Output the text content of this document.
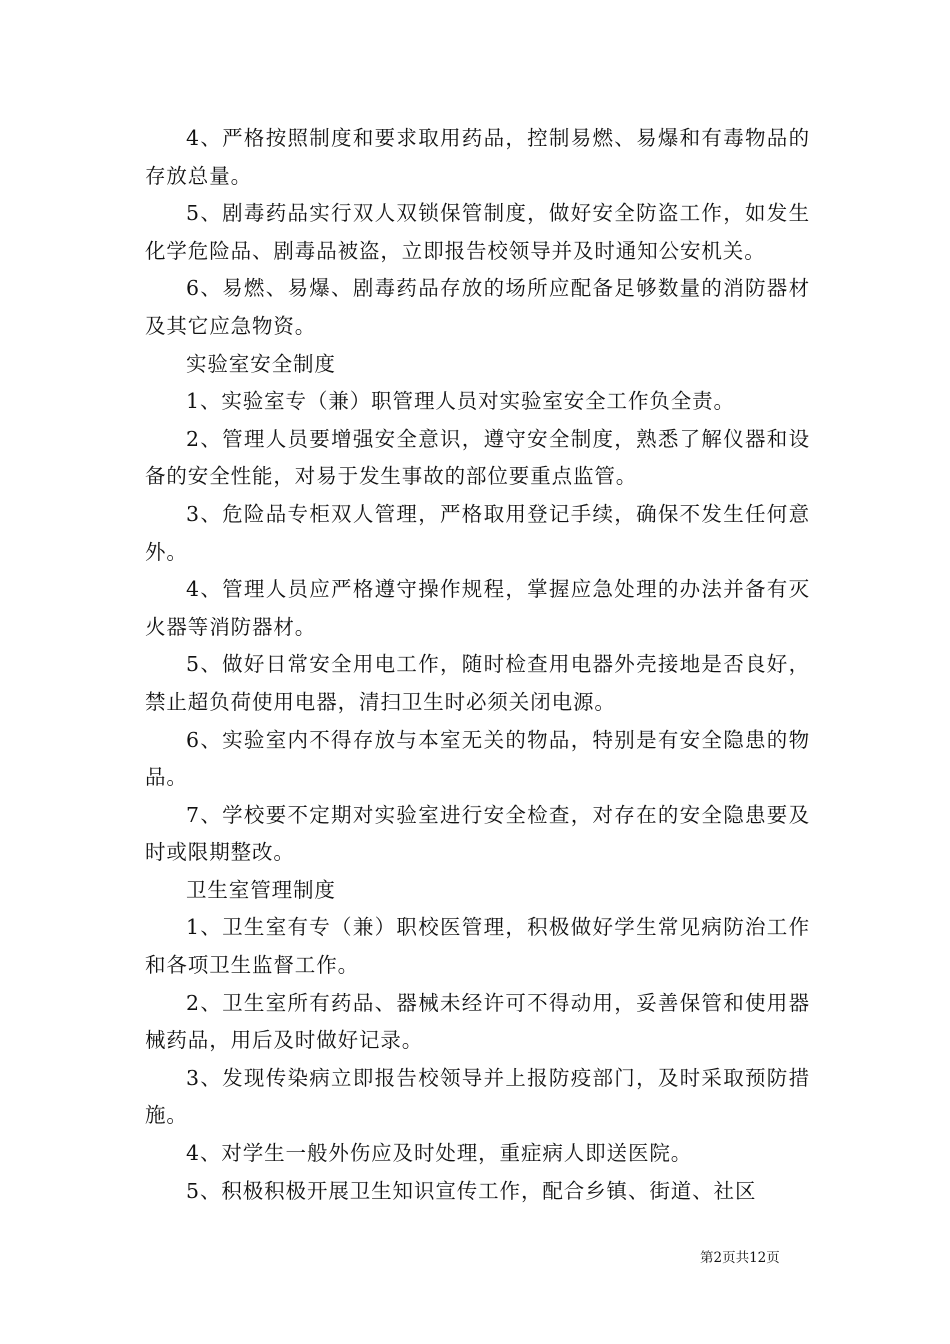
4、严格按照制度和要求取用药品，控制易燃、易爆和有毒物品的存放总量。

5、剧毒药品实行双人双锁保管制度，做好安全防盗工作，如发生化学危险品、剧毒品被盗，立即报告校领导并及时通知公安机关。

6、易燃、易爆、剧毒药品存放的场所应配备足够数量的消防器材及其它应急物资。

实验室安全制度

1、实验室专（兼）职管理人员对实验室安全工作负全责。

2、管理人员要增强安全意识，遵守安全制度，熟悉了解仪器和设备的安全性能，对易于发生事故的部位要重点监管。

3、危险品专柜双人管理，严格取用登记手续，确保不发生任何意外。

4、管理人员应严格遵守操作规程，掌握应急处理的办法并备有灭火器等消防器材。

5、做好日常安全用电工作，随时检查用电器外壳接地是否良好，禁止超负荷使用电器，清扫卫生时必须关闭电源。

6、实验室内不得存放与本室无关的物品，特别是有安全隐患的物品。

7、学校要不定期对实验室进行安全检查，对存在的安全隐患要及时或限期整改。

卫生室管理制度

1、卫生室有专（兼）职校医管理，积极做好学生常见病防治工作和各项卫生监督工作。

2、卫生室所有药品、器械未经许可不得动用，妥善保管和使用器械药品，用后及时做好记录。

3、发现传染病立即报告校领导并上报防疫部门，及时采取预防措施。

4、对学生一般外伤应及时处理，重症病人即送医院。

5、积极积极开展卫生知识宣传工作，配合乡镇、街道、社区

第2页共12页
